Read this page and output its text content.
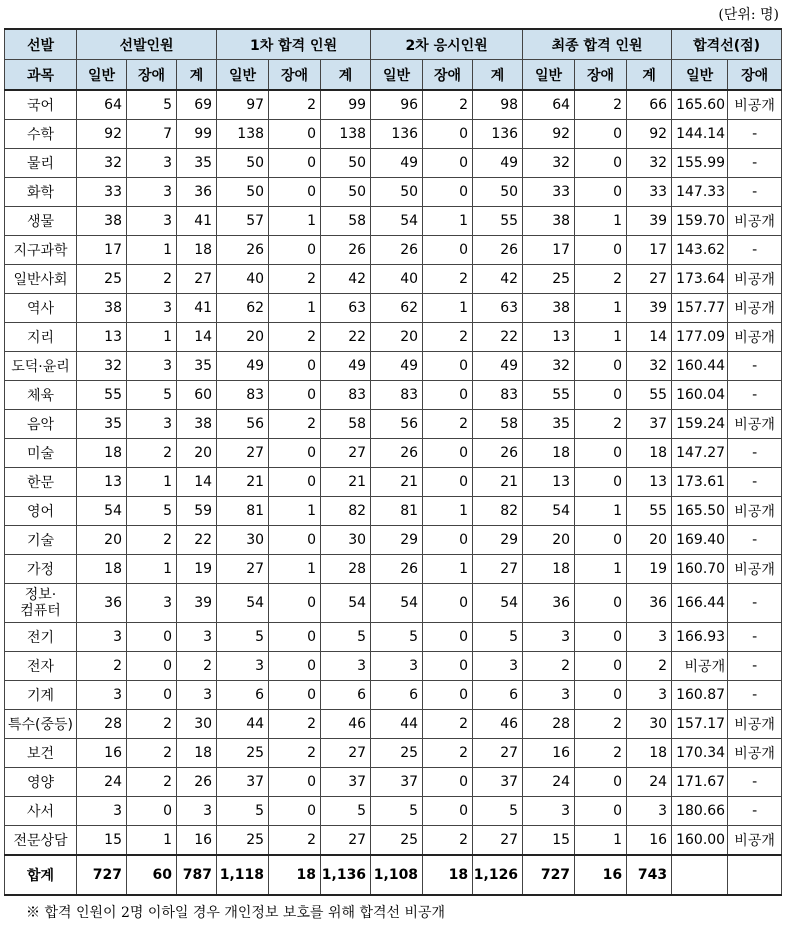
(단위: 명)
선발	선발인원			1차 합격 인원			2차 응시인원			최종 합격 인원			합격선(점)	
과목	일반	장애	계	일반	장애	계	일반	장애	계	일반	장애	계	일반	장애
국어	64	5	69	97	2	99	96	2	98	64	2	66	165.60	비공개
수학	92	7	99	138	0	138	136	0	136	92	0	92	144.14	-
물리	32	3	35	50	0	50	49	0	49	32	0	32	155.99	-
화학	33	3	36	50	0	50	50	0	50	33	0	33	147.33	-
생물	38	3	41	57	1	58	54	1	55	38	1	39	159.70	비공개
지구과학	17	1	18	26	0	26	26	0	26	17	0	17	143.62	-
일반사회	25	2	27	40	2	42	40	2	42	25	2	27	173.64	비공개
역사	38	3	41	62	1	63	62	1	63	38	1	39	157.77	비공개
지리	13	1	14	20	2	22	20	2	22	13	1	14	177.09	비공개
도덕·윤리	32	3	35	49	0	49	49	0	49	32	0	32	160.44	-
체육	55	5	60	83	0	83	83	0	83	55	0	55	160.04	-
음악	35	3	38	56	2	58	56	2	58	35	2	37	159.24	비공개
미술	18	2	20	27	0	27	26	0	26	18	0	18	147.27	-
한문	13	1	14	21	0	21	21	0	21	13	0	13	173.61	-
영어	54	5	59	81	1	82	81	1	82	54	1	55	165.50	비공개
기술	20	2	22	30	0	30	29	0	29	20	0	20	169.40	-
가정	18	1	19	27	1	28	26	1	27	18	1	19	160.70	비공개

정보·
컴퓨터	36	3	39	54	0	54	54	0	54	36	0	36	166.44	-
전기	3	0	3	5	0	5	5	0	5	3	0	3	166.93	-
전자	2	0	2	3	0	3	3	0	3	2	0	2	비공개	-
기계	3	0	3	6	0	6	6	0	6	3	0	3	160.87	-
특수(중등)	28	2	30	44	2	46	44	2	46	28	2	30	157.17	비공개
보건	16	2	18	25	2	27	25	2	27	16	2	18	170.34	비공개
영양	24	2	26	37	0	37	37	0	37	24	0	24	171.67	-
사서	3	0	3	5	0	5	5	0	5	3	0	3	180.66	-
전문상담	15	1	16	25	2	27	25	2	27	15	1	16	160.00	비공개
합계	727	60	787	1,118	18	1,136	1,108	18	1,126	727	16	743		
※ 합격 인원이 2명 이하일 경우 개인정보 보호를 위해 합격선 비공개
